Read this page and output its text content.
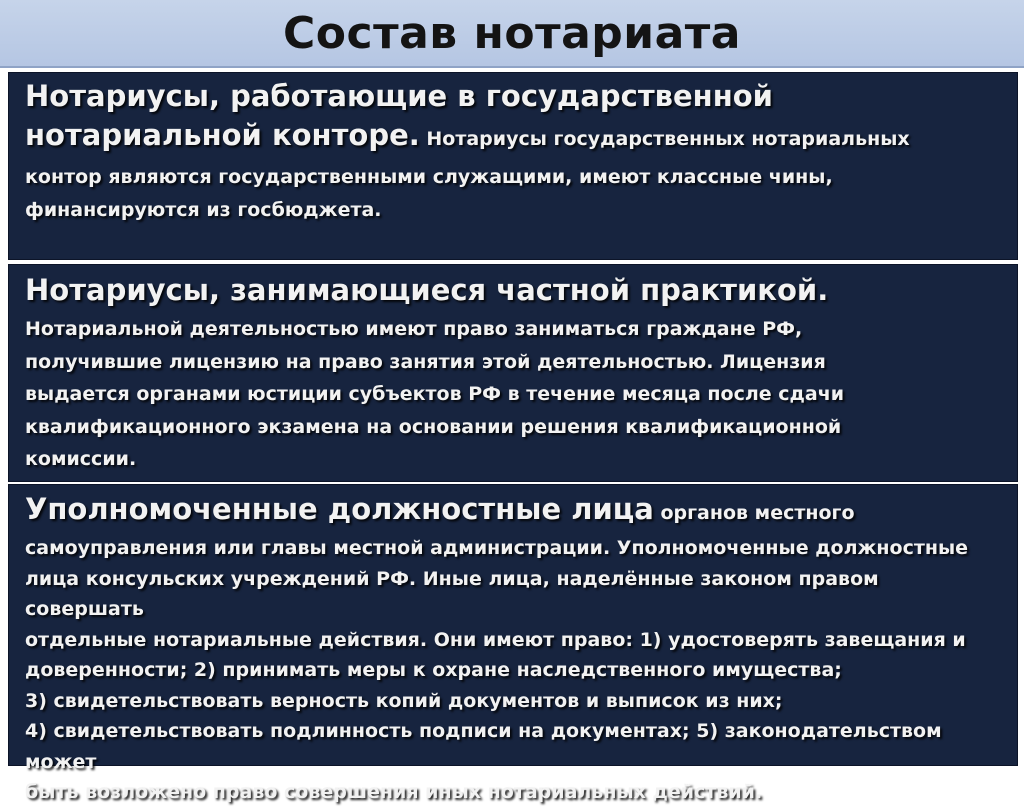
Состав нотариата

Нотариусы, работающие в государственной

нотариальной конторе. Нотариусы государственных нотариальных

контор являются государственными служащими, имеют классные чины,

финансируются из госбюджета.

Нотариусы, занимающиеся частной практикой.

Нотариальной деятельностью имеют право заниматься граждане РФ,

получившие лицензию на право занятия этой деятельностью. Лицензия

выдается органами юстиции субъектов РФ в течение месяца после сдачи

квалификационного экзамена на основании решения квалификационной

комиссии.

Уполномоченные должностные лица органов местного

самоуправления или главы местной администрации. Уполномоченные должностные

лица консульских учреждений РФ. Иные лица, наделённые законом правом совершать

отдельные нотариальные действия. Они имеют право: 1) удостоверять завещания и

доверенности; 2) принимать меры к охране наследственного имущества;

3) свидетельствовать верность копий документов и выписок из них;

4) свидетельствовать подлинность подписи на документах; 5) законодательством может

быть возложено право совершения иных нотариальных действий.
